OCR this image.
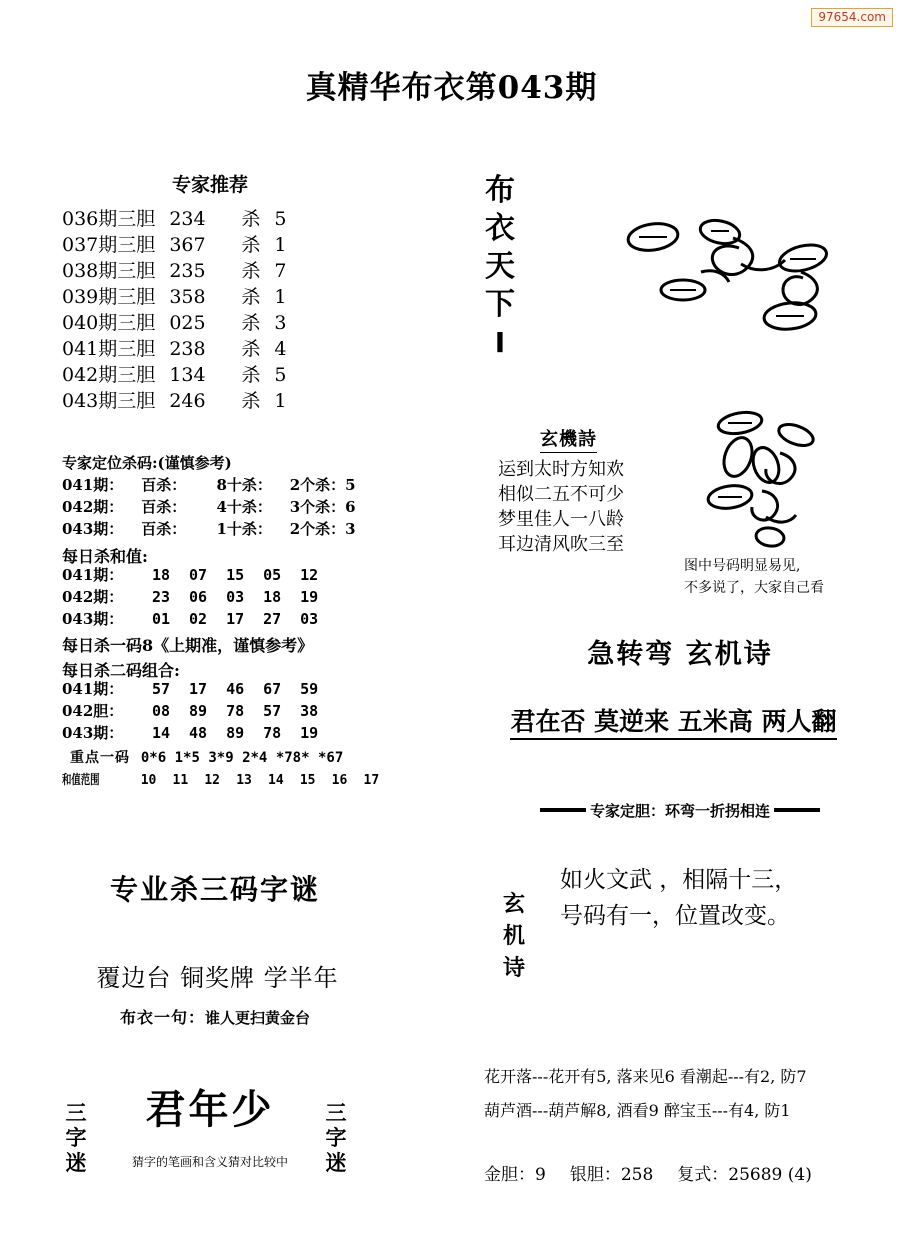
97654.com
真精华布衣第043期
专家推荐
036期三胆 234 杀 5
037期三胆 367 杀 1
038期三胆 235 杀 7
039期三胆 358 杀 1
040期三胆 025 杀 3
041期三胆 238 杀 4
042期三胆 134 杀 5
043期三胆 246 杀 1
专家定位杀码:(谨慎参考)
041期： 百杀： 8十杀： 2个杀：5
042期： 百杀： 4十杀： 3个杀：6
043期： 百杀： 1十杀： 2个杀：3
每日杀和值:
041期： 18 07 15 05 12
042期： 23 06 03 18 19
043期： 01 02 17 27 03
每日杀一码8《上期准，谨慎参考》
每日杀二码组合:
041期： 57 17 46 67 59
042胆： 08 89 78 57 38
043期： 14 48 89 78 19
重点一码 0*6 1*5 3*9 2*4 *78* *67
和值范围	10 11 12 13 14 15 16 17
专业杀三码字谜
覆边台 铜奖牌 学半年
布衣一句：谁人更扫黄金台
君年少
三字迷
三字迷
猜字的笔画和含义猜对比较中
布衣天下
I
玄機詩
运到太时方知欢
相似二五不可少
梦里佳人一八龄
耳边清风吹三至
图中号码明显易见,
不多说了，大家自己看
急转弯 玄机诗
君在否 莫逆来 五米高 两人翻
专家定胆：环弯一折拐相连
玄机诗
如火文武 ，相隔十三，
号码有一，位置改变。
花开落---花开有5, 落来见6 看潮起---有2, 防7
葫芦酒---葫芦解8, 酒看9 醉宝玉---有4, 防1
金胆：9 银胆：258 复式：25689 (4)
